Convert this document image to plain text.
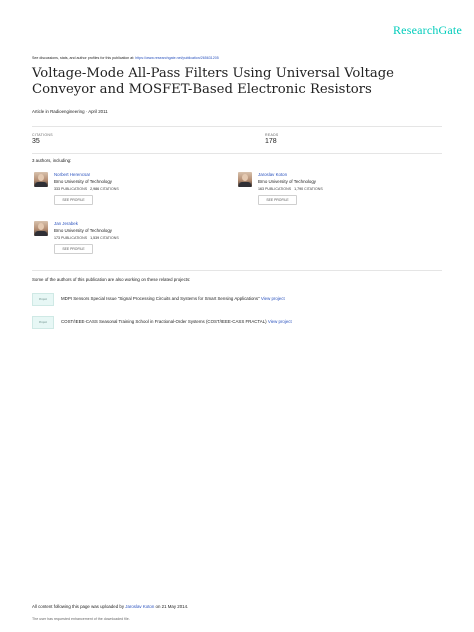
ResearchGate
See discussions, stats, and author profiles for this publication at: https://www.researchgate.net/publication/265631205
Voltage-Mode All-Pass Filters Using Universal Voltage Conveyor and MOSFET-Based Electronic Resistors
Article in Radioengineering · April 2011
CITATIONS
35
READS
178
3 authors, including:
Norbert Herencsar
Brno University of Technology
333 PUBLICATIONS 2,986 CITATIONS
SEE PROFILE
Jaroslav Koton
Brno University of Technology
163 PUBLICATIONS 1,790 CITATIONS
SEE PROFILE
Jan Jerabek
Brno University of Technology
173 PUBLICATIONS 1,539 CITATIONS
SEE PROFILE
Some of the authors of this publication are also working on these related projects:
Project	MDPI Sensors Special Issue "Signal Processing Circuits and Systems for Smart Sensing Applications" View project
Project	COST/IEEE-CASS Seasonal Training School in Fractional-Order Systems (COST/IEEE-CASS FRACTAL) View project
All content following this page was uploaded by Jaroslav Koton on 21 May 2014.
The user has requested enhancement of the downloaded file.
